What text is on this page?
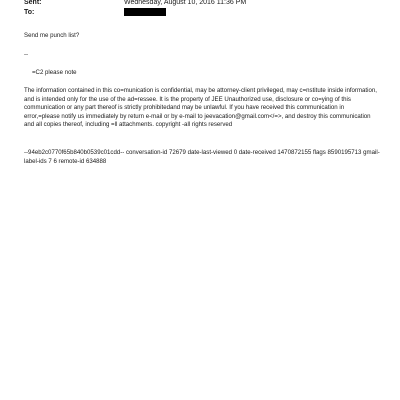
Sent:	Wednesday, August 10, 2016 11:36 PM
To:

Send me punch list?

--

=C2 please note

The information contained in this co=munication is confidential, may be attorney-client privileged, may c=nstitute inside information, and is intended only for the use of the ad=ressee. It is the property of JEE Unauthorized use, disclosure or co=ying of this communication or any part thereof is strictly prohibitedand may be unlawful. If you have received this communication in error,=please notify us immediately by return e-mail or by e-mail to jeevacation@gmail.com</=>, and destroy this communication and all copies thereof, including =ll attachments. copyright -all rights reserved

--94eb2c0770f65b840b0539c01cdd-- conversation-id 72679 date-last-viewed 0 date-received 1470872155 flags 8590195713 gmail-label-ids 7 6 remote-id 634888
